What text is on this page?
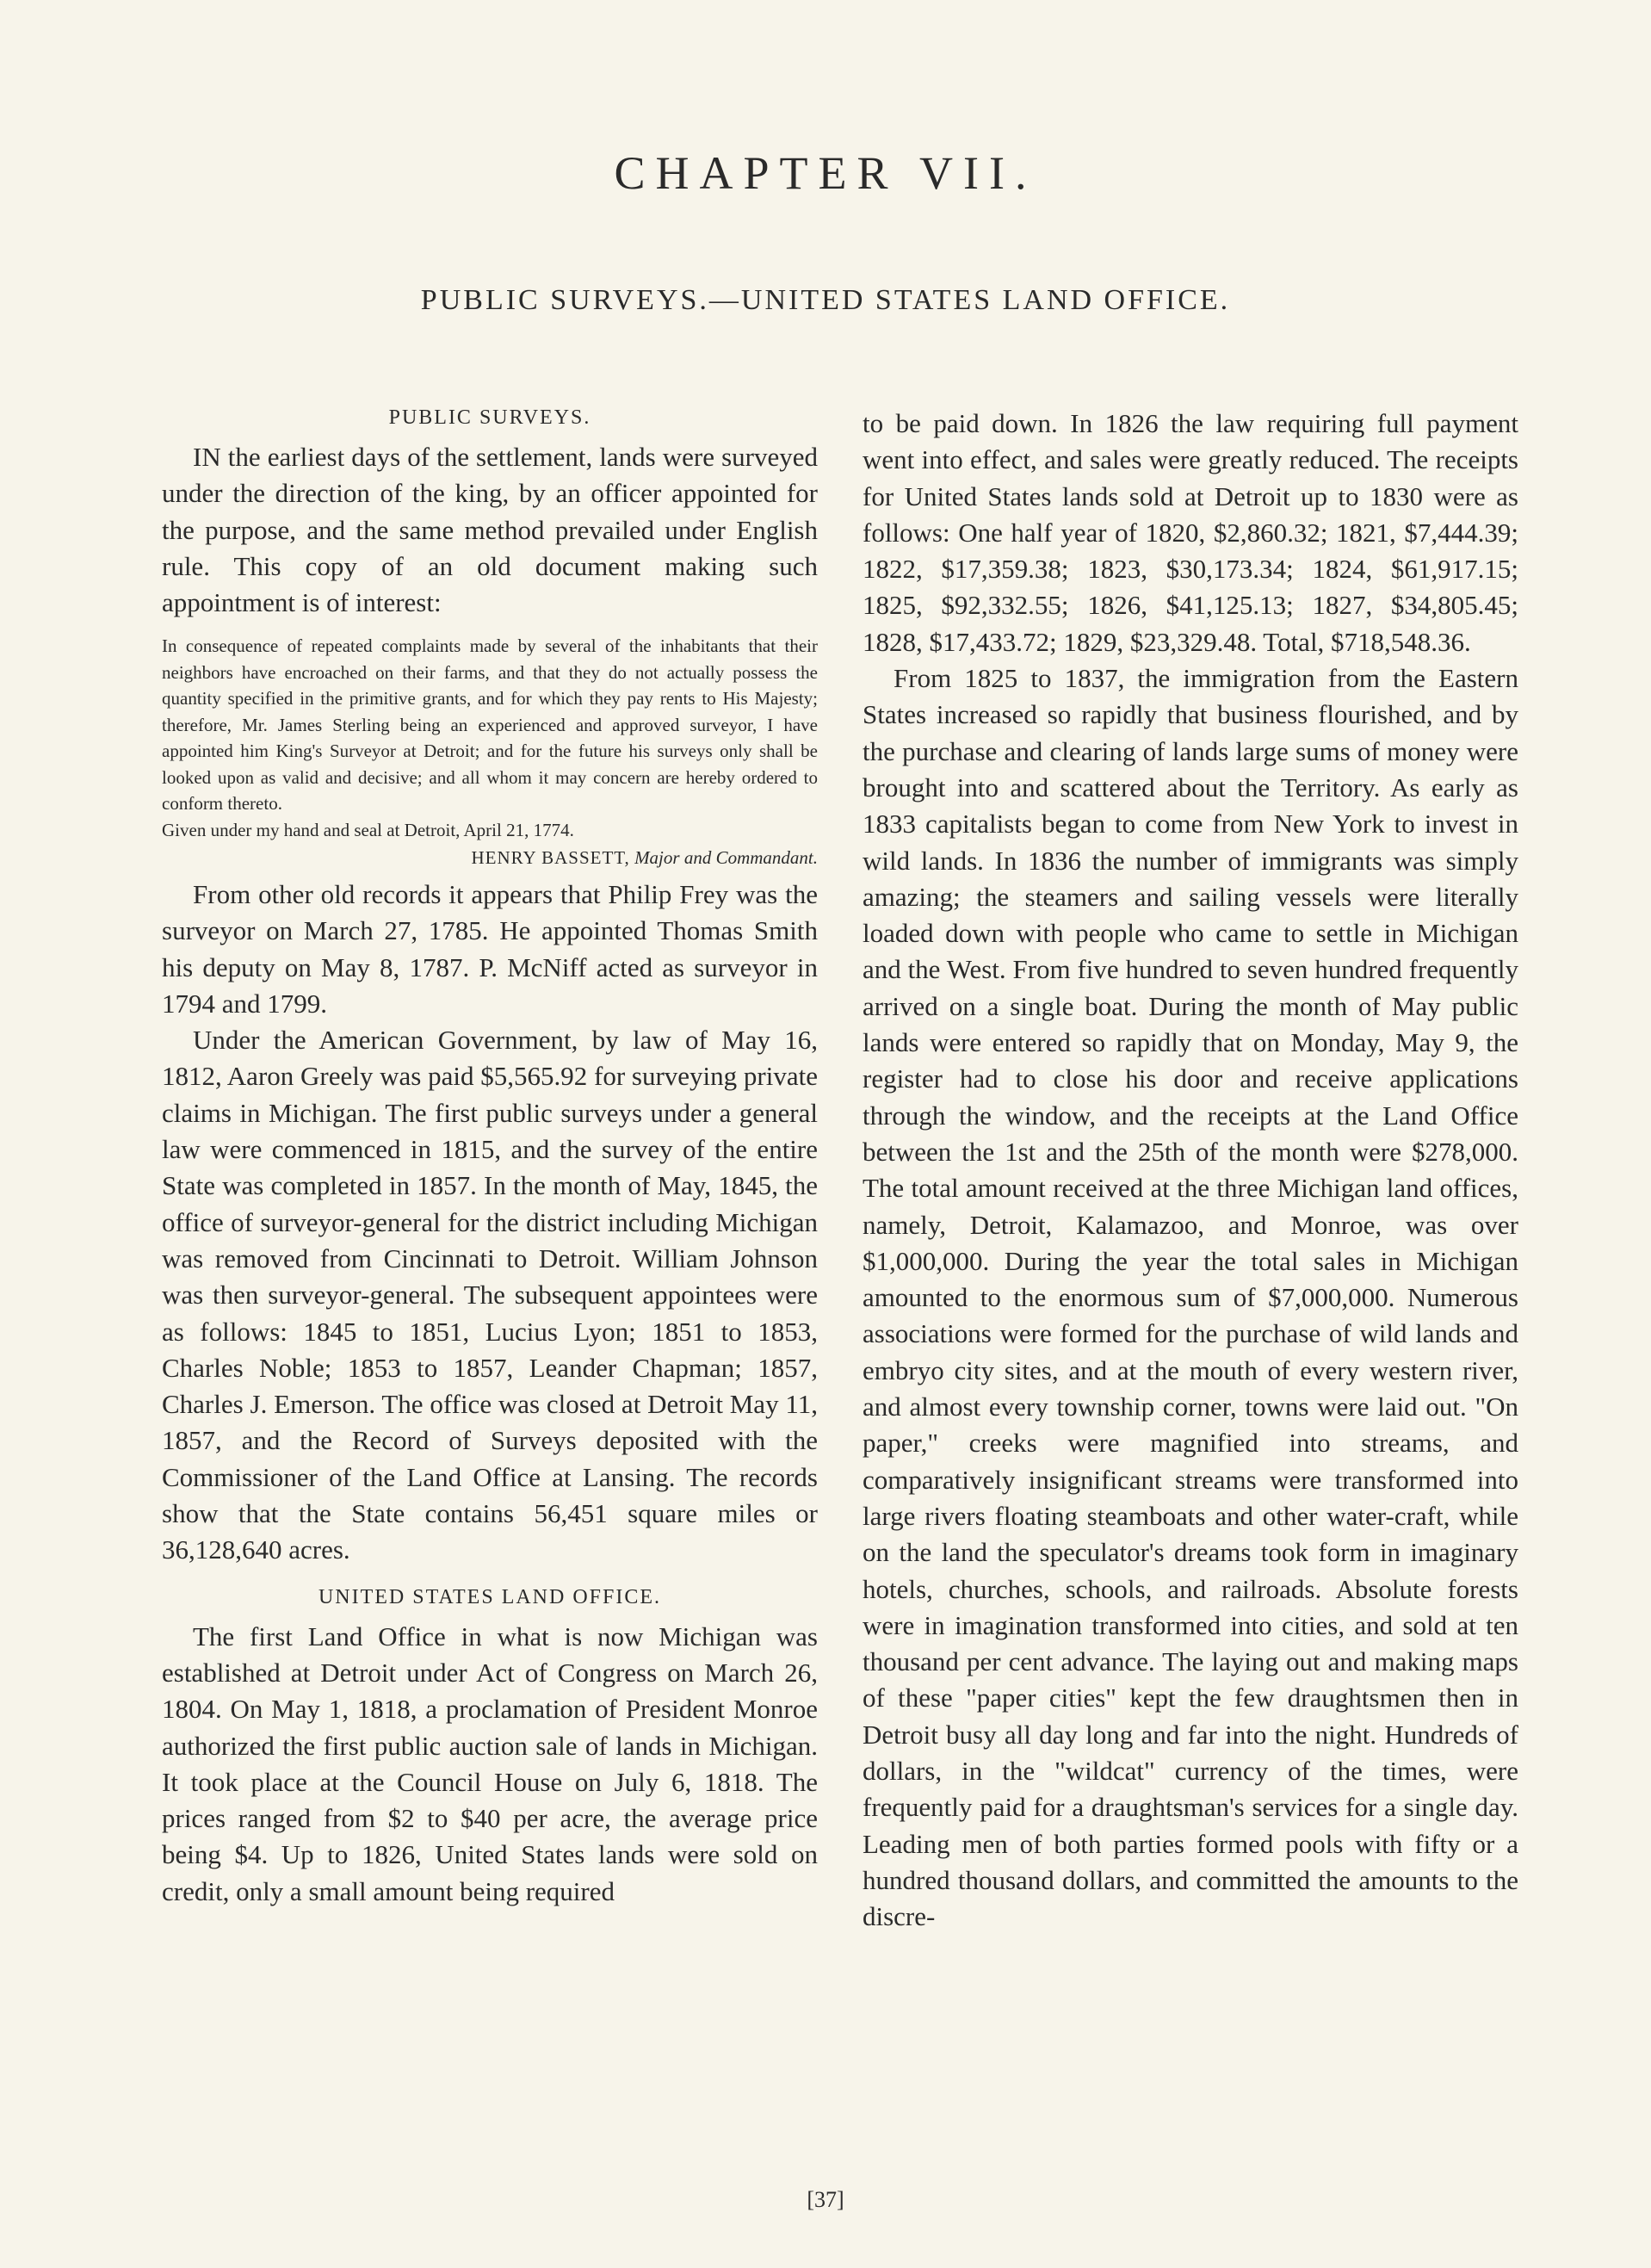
CHAPTER VII.
PUBLIC SURVEYS.—UNITED STATES LAND OFFICE.
PUBLIC SURVEYS.

IN the earliest days of the settlement, lands were surveyed under the direction of the king, by an officer appointed for the purpose, and the same method prevailed under English rule. This copy of an old document making such appointment is of interest:

In consequence of repeated complaints made by several of the inhabitants that their neighbors have encroached on their farms, and that they do not actually possess the quantity specified in the primitive grants, and for which they pay rents to His Majesty; therefore, Mr. James Sterling being an experienced and approved surveyor, I have appointed him King's Surveyor at Detroit; and for the future his surveys only shall be looked upon as valid and decisive; and all whom it may concern are hereby ordered to conform thereto.

Given under my hand and seal at Detroit, April 21, 1774.

HENRY BASSETT, Major and Commandant.

From other old records it appears that Philip Frey was the surveyor on March 27, 1785. He appointed Thomas Smith his deputy on May 8, 1787. P. McNiff acted as surveyor in 1794 and 1799.

Under the American Government, by law of May 16, 1812, Aaron Greely was paid $5,565.92 for surveying private claims in Michigan. The first public surveys under a general law were commenced in 1815, and the survey of the entire State was completed in 1857. In the month of May, 1845, the office of surveyor-general for the district including Michigan was removed from Cincinnati to Detroit. William Johnson was then surveyor-general. The subsequent appointees were as follows: 1845 to 1851, Lucius Lyon; 1851 to 1853, Charles Noble; 1853 to 1857, Leander Chapman; 1857, Charles J. Emerson. The office was closed at Detroit May 11, 1857, and the Record of Surveys deposited with the Commissioner of the Land Office at Lansing. The records show that the State contains 56,451 square miles or 36,128,640 acres.

UNITED STATES LAND OFFICE.

The first Land Office in what is now Michigan was established at Detroit under Act of Congress on March 26, 1804. On May 1, 1818, a proclamation of President Monroe authorized the first public auction sale of lands in Michigan. It took place at the Council House on July 6, 1818. The prices ranged from $2 to $40 per acre, the average price being $4. Up to 1826, United States lands were sold on credit, only a small amount being required

to be paid down. In 1826 the law requiring full payment went into effect, and sales were greatly reduced. The receipts for United States lands sold at Detroit up to 1830 were as follows: One half year of 1820, $2,860.32; 1821, $7,444.39; 1822, $17,359.38; 1823, $30,173.34; 1824, $61,917.15; 1825, $92,332.55; 1826, $41,125.13; 1827, $34,805.45; 1828, $17,433.72; 1829, $23,329.48. Total, $718,548.36.

From 1825 to 1837, the immigration from the Eastern States increased so rapidly that business flourished, and by the purchase and clearing of lands large sums of money were brought into and scattered about the Territory. As early as 1833 capitalists began to come from New York to invest in wild lands. In 1836 the number of immigrants was simply amazing; the steamers and sailing vessels were literally loaded down with people who came to settle in Michigan and the West. From five hundred to seven hundred frequently arrived on a single boat. During the month of May public lands were entered so rapidly that on Monday, May 9, the register had to close his door and receive applications through the window, and the receipts at the Land Office between the 1st and the 25th of the month were $278,000. The total amount received at the three Michigan land offices, namely, Detroit, Kalamazoo, and Monroe, was over $1,000,000. During the year the total sales in Michigan amounted to the enormous sum of $7,000,000. Numerous associations were formed for the purchase of wild lands and embryo city sites, and at the mouth of every western river, and almost every township corner, towns were laid out. "On paper," creeks were magnified into streams, and comparatively insignificant streams were transformed into large rivers floating steamboats and other water-craft, while on the land the speculator's dreams took form in imaginary hotels, churches, schools, and railroads. Absolute forests were in imagination transformed into cities, and sold at ten thousand per cent advance. The laying out and making maps of these "paper cities" kept the few draughtsmen then in Detroit busy all day long and far into the night. Hundreds of dollars, in the "wildcat" currency of the times, were frequently paid for a draughtsman's services for a single day. Leading men of both parties formed pools with fifty or a hundred thousand dollars, and committed the amounts to the discre-

[37]
